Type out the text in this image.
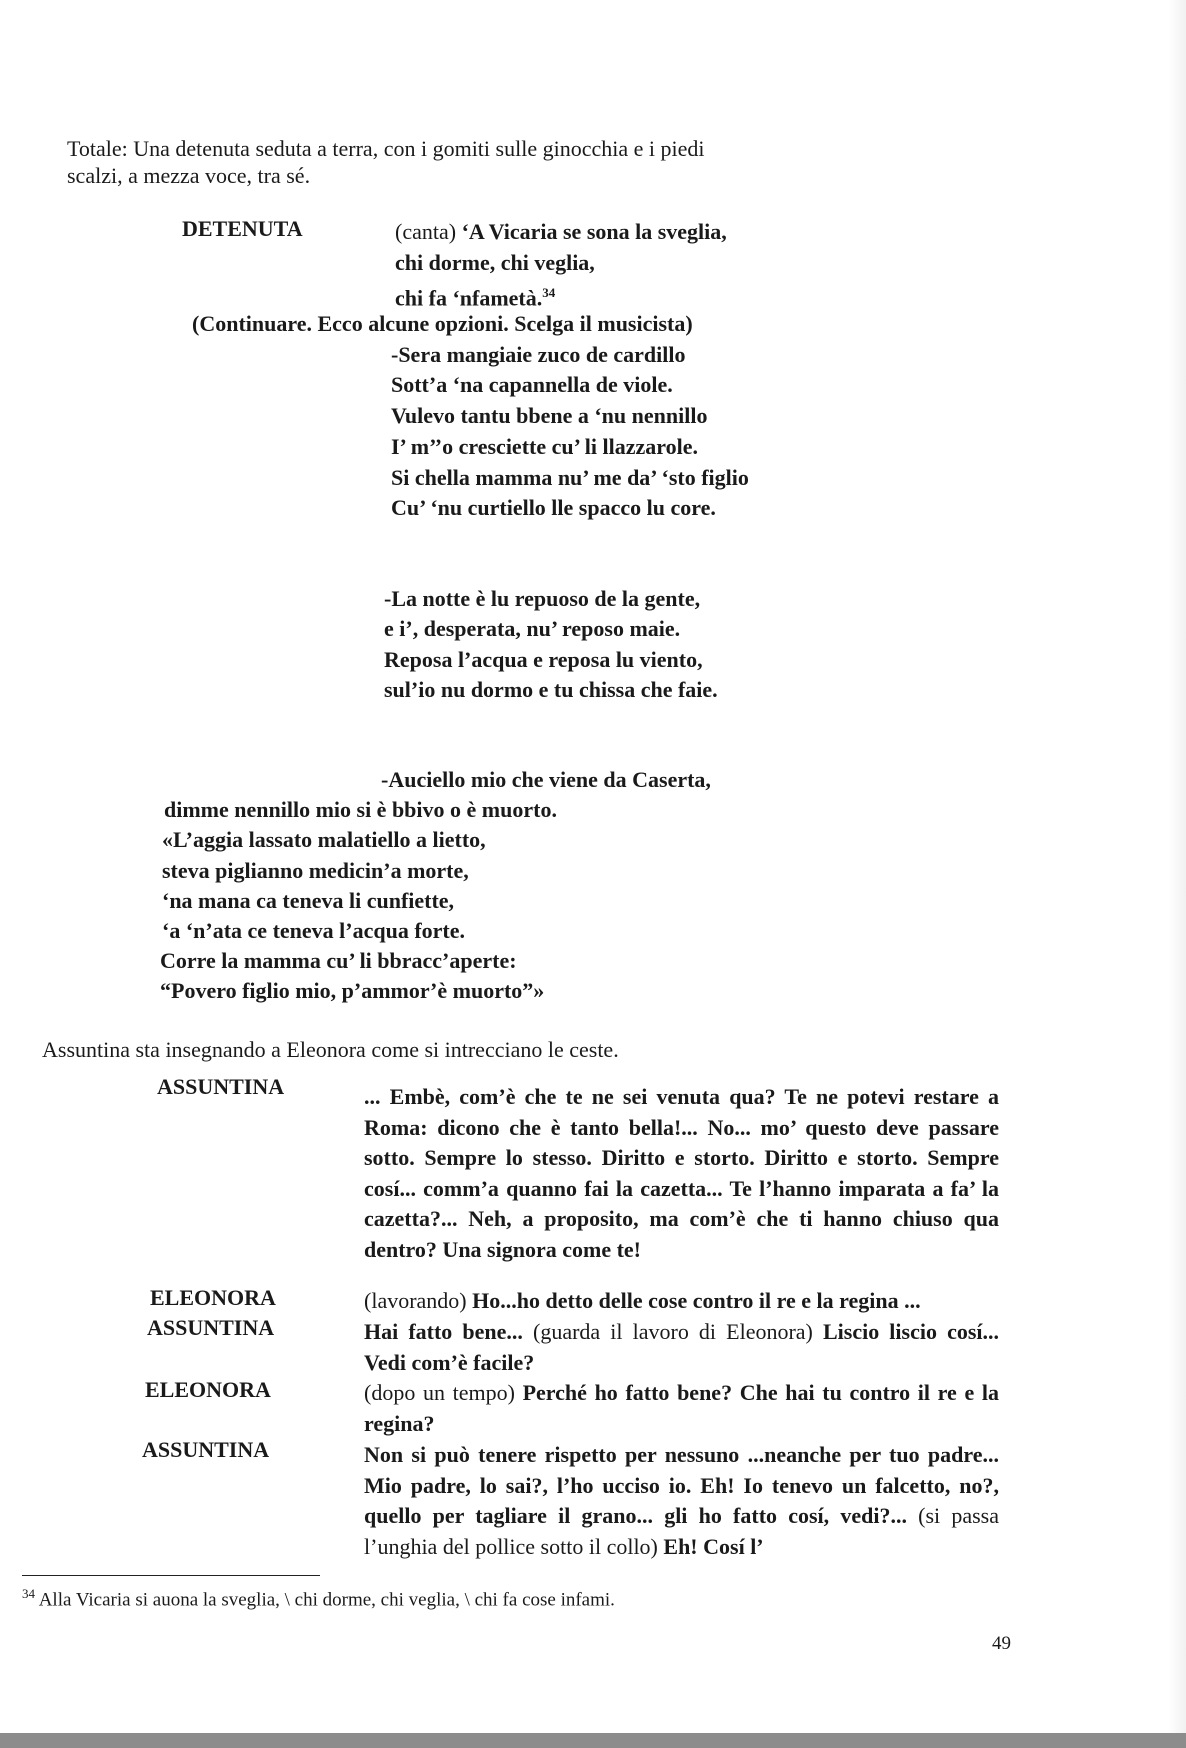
Totale: Una detenuta seduta a terra, con i gomiti sulle ginocchia e i piedi
scalzi, a mezza voce, tra sé.
DETENUTA	(canta) ‘A Vicaria se sona la sveglia,
chi dorme, chi veglia,
chi fa ‘nfametà.$^{34}$
(Continuare. Ecco alcune opzioni. Scelga il musicista)
-Sera mangiaie zuco de cardillo
Sott’a ‘na capannella de viole.
Vulevo tantu bbene a ‘nu nennillo
I’ m’’o cresciette cu’ li llazzarole.
Si chella mamma nu’ me da’ ‘sto figlio
Cu’ ‘nu curtiello lle spacco lu core.
-La notte è lu repuoso de la gente,
e i’, desperata, nu’ reposo maie.
Reposa l’acqua e reposa lu viento,
sul’io nu dormo e tu chissa che faie.
-Auciello mio che viene da Caserta,
dimme nennillo mio si è bbivo o è muorto.
«L’aggia lassato malatiello a lietto,
steva piglianno medicin’a morte,
‘na mana ca teneva li cunfiette,
‘a ‘n’ata ce teneva l’acqua forte.
Corre la mamma cu’ li bbracc’aperte:
“Povero figlio mio, p’ammor’è muorto”»
Assuntina sta insegnando a Eleonora come si intrecciano le ceste.
ASSUNTINA	... Embè, com’è che te ne sei venuta qua? Te ne potevi restare a Roma: dicono che è tanto bella!... No... mo’ questo deve passare sotto. Sempre lo stesso. Diritto e storto. Diritto e storto. Sempre cosí... comm’a quanno fai la cazetta... Te l’hanno imparata a fa’ la cazetta?... Neh, a proposito, ma com’è che ti hanno chiuso qua dentro? Una signora come te!
ELEONORA	(lavorando) Ho...ho detto delle cose contro il re e la regina ...
ASSUNTINA	Hai fatto bene... (guarda il lavoro di Eleonora) Liscio liscio cosí... Vedi com’è facile?
ELEONORA	(dopo un tempo) Perché ho fatto bene? Che hai tu contro il re e la regina?
ASSUNTINA	Non si può tenere rispetto per nessuno ...neanche per tuo padre... Mio padre, lo sai?, l’ho ucciso io. Eh! Io tenevo un falcetto, no?, quello per tagliare il grano... gli ho fatto cosí, vedi?... (si passa l’unghia del pollice sotto il collo) Eh! Cosí l’
$^{34}$ Alla Vicaria si auona la sveglia, \ chi dorme, chi veglia, \ chi fa cose infami.
49
